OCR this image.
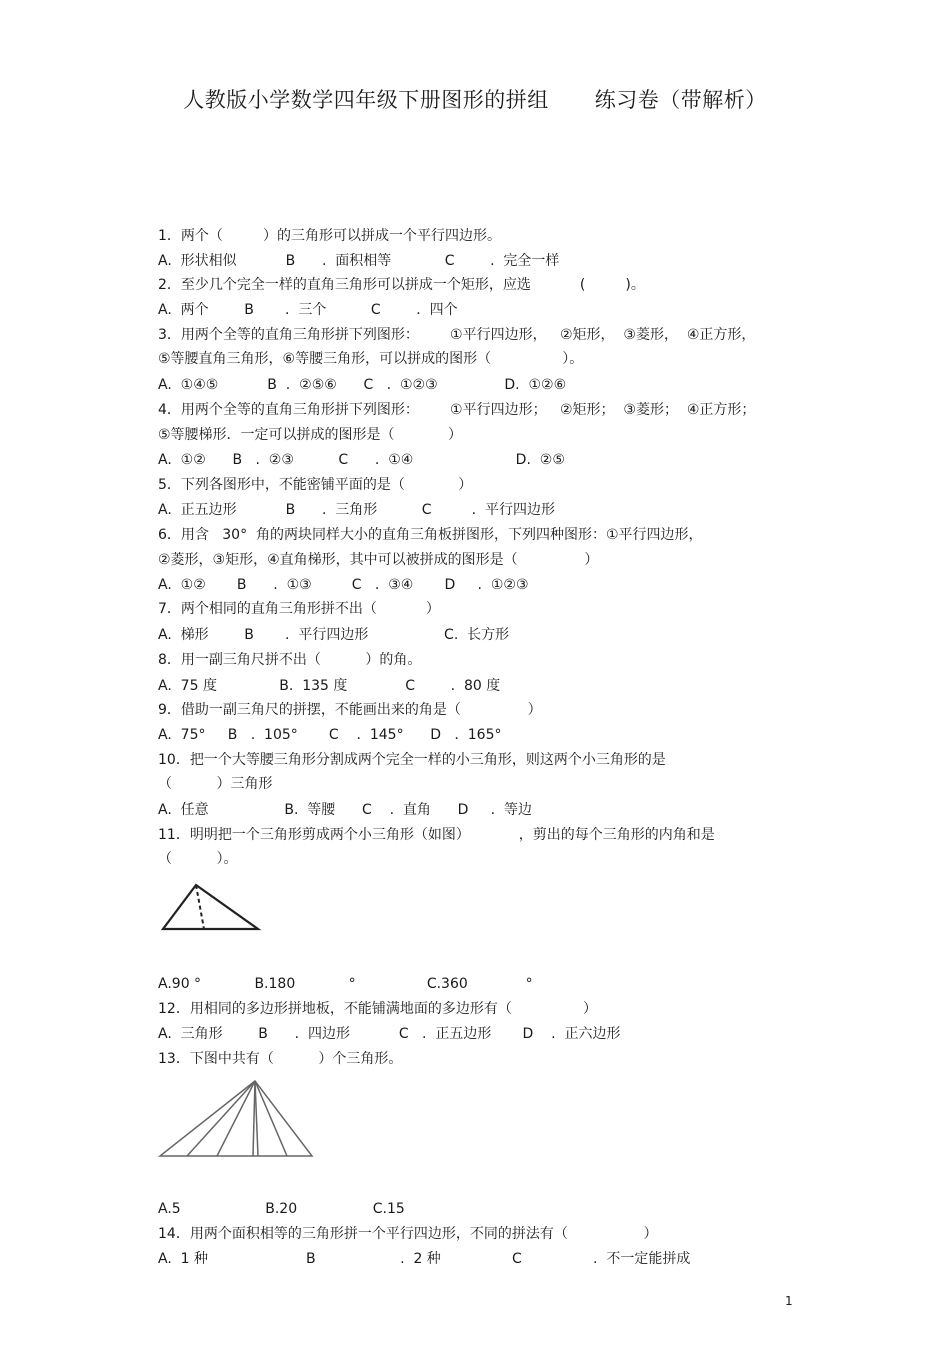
人教版小学数学四年级下册图形的拼组 练习卷（带解析）
1．两个（         ）的三角形可以拼成一个平行四边形。
A.  形状相似           B      .  面积相等            C        .  完全一样
2．至少几个完全一样的直角三角形可以拼成一个矩形，应选           (         )。
A.  两个        B       .  三个          C        .  四个
3．用两个全等的直角三角形拼下列图形：       ①平行四边形，   ②矩形，  ③菱形，  ④正方形，
⑤等腰直角三角形，⑥等腰三角形，可以拼成的图形（                ）。
A.  ①④⑤           B  .  ②⑤⑥      C   .  ①②③               D.  ①②⑥
4．用两个全等的直角三角形拼下列图形：       ①平行四边形；   ②矩形；  ③菱形；  ④正方形；
⑤等腰梯形．一定可以拼成的图形是（            ）
A.  ①②      B   .  ②③          C      .  ①④                       D.  ②⑤
5．下列各图形中，不能密铺平面的是（            ）
A.  正五边形           B      .  三角形          C         .  平行四边形
6．用含   30°  角的两块同样大小的直角三角板拼图形，下列四种图形：①平行四边形，
②菱形，③矩形，④直角梯形，其中可以被拼成的图形是（               ）
A.  ①②       B      .  ①③         C   .  ③④       D     .  ①②③
7．两个相同的直角三角形拼不出（           ）
A.  梯形        B       .  平行四边形                 C.  长方形
8．用一副三角尺拼不出（          ）的角。
A.  75 度              B.  135 度             C        .  80 度
9．借助一副三角尺的拼摆，不能画出来的角是（               ）
A.  75°     B   .  105°       C    .  145°      D   .  165°
10．把一个大等腰三角形分割成两个完全一样的小三角形，则这两个小三角形的是
（          ）三角形
A.  任意                 B.  等腰      C    .  直角      D     .  等边
11．明明把一个三角形剪成两个小三角形（如图）           ，剪出的每个三角形的内角和是
（          ）。
A.90 °            B.180            °                C.360             °
12．用相同的多边形拼地板，不能铺满地面的多边形有（                ）
A.  三角形        B      .  四边形           C   .  正五边形       D    .  正六边形
13．下图中共有（          ）个三角形。
A.5                   B.20                 C.15
14．用两个面积相等的三角形拼一个平行四边形，不同的拼法有（                 ）
A.  1 种                      B                   .  2 种                C                .  不一定能拼成
1
